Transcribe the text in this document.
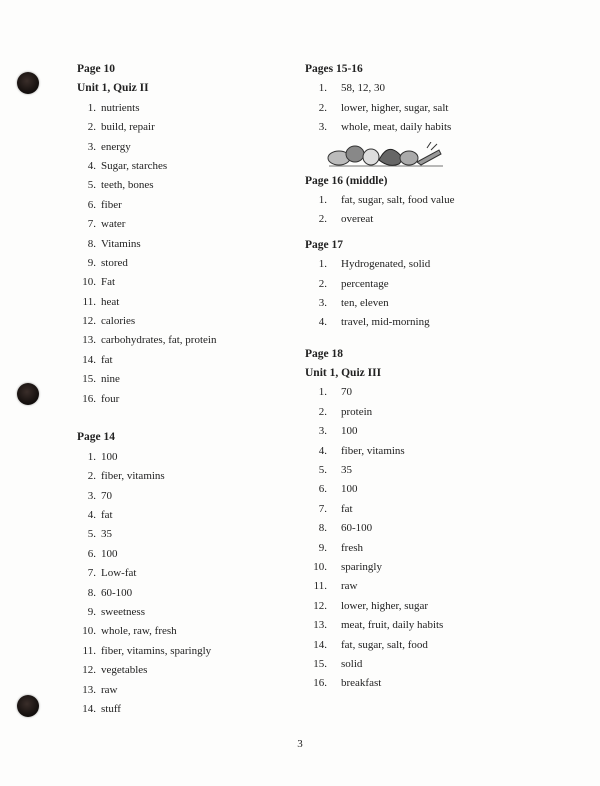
Page 10
Unit 1, Quiz II
1. nutrients
2. build, repair
3. energy
4. Sugar, starches
5. teeth, bones
6. fiber
7. water
8. Vitamins
9. stored
10. Fat
11. heat
12. calories
13. carbohydrates, fat, protein
14. fat
15. nine
16. four
Page 14
1. 100
2. fiber, vitamins
3. 70
4. fat
5. 35
6. 100
7. Low-fat
8. 60-100
9. sweetness
10. whole, raw, fresh
11. fiber, vitamins, sparingly
12. vegetables
13. raw
14. stuff
Pages 15-16
1. 58, 12, 30
2. lower, higher, sugar, salt
3. whole, meat, daily habits
Page 16 (middle)
1. fat, sugar, salt, food value
2. overeat
Page 17
1. Hydrogenated, solid
2. percentage
3. ten, eleven
4. travel, mid-morning
Page 18
Unit 1, Quiz III
1. 70
2. protein
3. 100
4. fiber, vitamins
5. 35
6. 100
7. fat
8. 60-100
9. fresh
10. sparingly
11. raw
12. lower, higher, sugar
13. meat, fruit, daily habits
14. fat, sugar, salt, food
15. solid
16. breakfast
3
